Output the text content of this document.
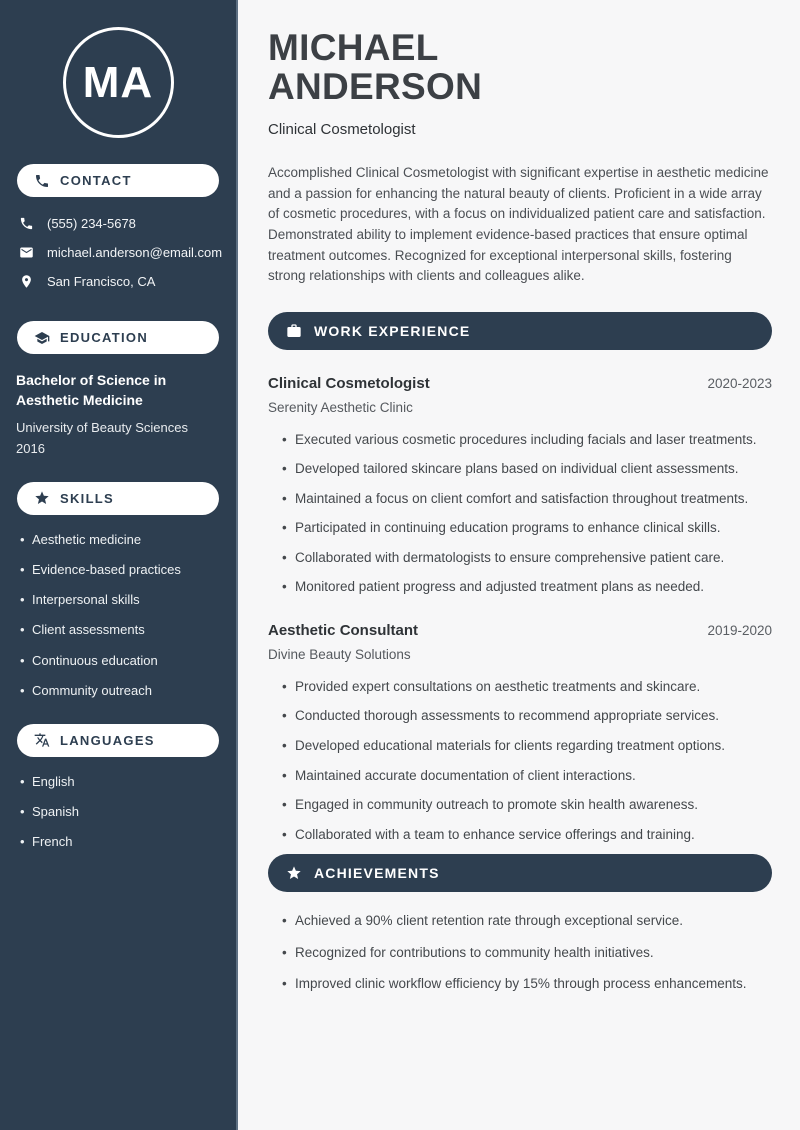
MA
CONTACT
(555) 234-5678
michael.anderson@email.com
San Francisco, CA
EDUCATION
Bachelor of Science in Aesthetic Medicine
University of Beauty Sciences
2016
SKILLS
• Aesthetic medicine
• Evidence-based practices
• Interpersonal skills
• Client assessments
• Continuous education
• Community outreach
LANGUAGES
• English
• Spanish
• French
MICHAEL
ANDERSON
Clinical Cosmetologist

Accomplished Clinical Cosmetologist with significant expertise in aesthetic medicine and a passion for enhancing the natural beauty of clients. Proficient in a wide array of cosmetic procedures, with a focus on individualized patient care and satisfaction. Demonstrated ability to implement evidence-based practices that ensure optimal treatment outcomes. Recognized for exceptional interpersonal skills, fostering strong relationships with clients and colleagues alike.

WORK EXPERIENCE
Clinical Cosmetologist	2020-2023
Serenity Aesthetic Clinic
• Executed various cosmetic procedures including facials and laser treatments.
• Developed tailored skincare plans based on individual client assessments.
• Maintained a focus on client comfort and satisfaction throughout treatments.
• Participated in continuing education programs to enhance clinical skills.
• Collaborated with dermatologists to ensure comprehensive patient care.
• Monitored patient progress and adjusted treatment plans as needed.
Aesthetic Consultant	2019-2020
Divine Beauty Solutions
• Provided expert consultations on aesthetic treatments and skincare.
• Conducted thorough assessments to recommend appropriate services.
• Developed educational materials for clients regarding treatment options.
• Maintained accurate documentation of client interactions.
• Engaged in community outreach to promote skin health awareness.
• Collaborated with a team to enhance service offerings and training.
ACHIEVEMENTS
• Achieved a 90% client retention rate through exceptional service.
• Recognized for contributions to community health initiatives.
• Improved clinic workflow efficiency by 15% through process enhancements.
